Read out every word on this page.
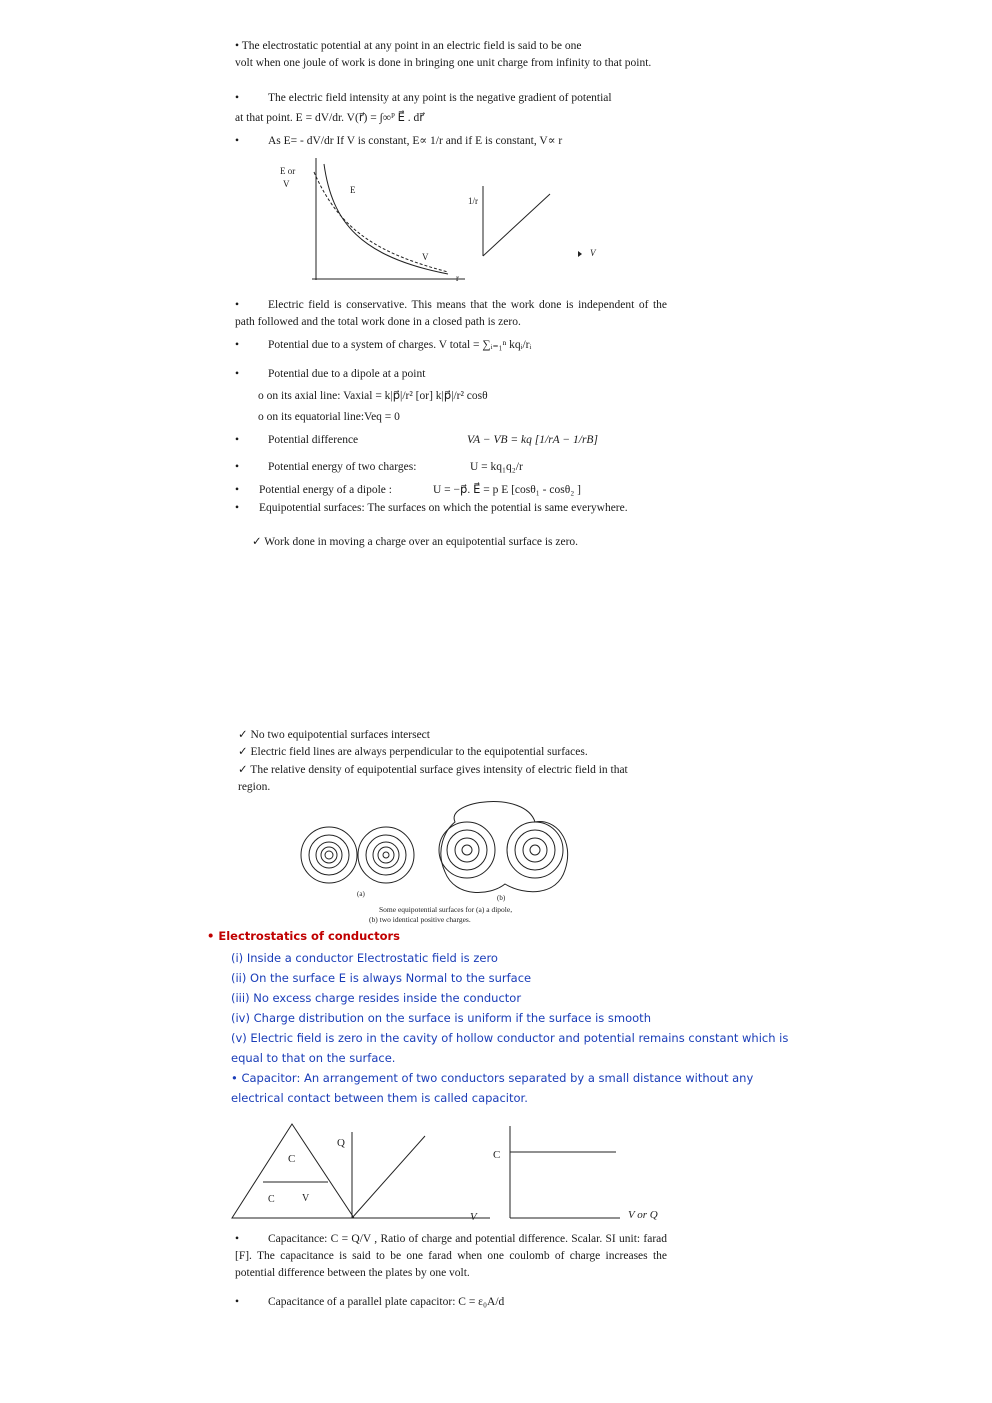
• The electrostatic potential at any point in an electric field is said to be one
volt when one joule of work is done in bringing one unit charge from infinity to that point.
•	The electric field intensity at any point is the negative gradient of potential
at that point. E = dV/dr. V(r⃗) = ∫∞ᴾ E⃗ . dr⃗
•	As E= - dV/dr If V is constant, E∝ 1/r and if E is constant, V∝ r
E or
V
E
V
r
1/r
V
•	Electric field is conservative. This means that the work done is independent of the path followed and the total work done in a closed path is zero.
•	Potential due to a system of charges. V total = ∑ᵢ₌₁ⁿ kqᵢ/rᵢ
•	Potential due to a dipole at a point
o on its axial line: Vaxial = k|p⃗|/r² [or] k|p⃗|/r² cosθ
o on its equatorial line:Veq = 0
•	Potential difference	VA − VB = kq [1/rA − 1/rB]
•	Potential energy of two charges:	U = kq₁q₂/r
• Potential energy of a dipole :	U = −p⃗. E⃗ = p E [cosθ₁ - cosθ₂ ]
• Equipotential surfaces: The surfaces on which the potential is same everywhere.
✓ Work done in moving a charge over an equipotential surface is zero.
✓ No two equipotential surfaces intersect
✓ Electric field lines are always perpendicular to the equipotential surfaces.
✓ The relative density of equipotential surface gives intensity of electric field in that region.
(a)	(b)
Some equipotential surfaces for (a) a dipole,
(b) two identical positive charges.
• Electrostatics of conductors
(i) Inside a conductor Electrostatic field is zero
(ii) On the surface E is always Normal to the surface
(iii) No excess charge resides inside the conductor
(iv) Charge distribution on the surface is uniform if the surface is smooth
(v) Electric field is zero in the cavity of hollow conductor and potential remains constant which is equal to that on the surface.
• Capacitor: An arrangement of two conductors separated by a small distance without any electrical contact between them is called capacitor.
C
C	V
Q
V
C
V or Q
•	Capacitance: C = Q/V , Ratio of charge and potential difference. Scalar. SI unit: farad [F]. The capacitance is said to be one farad when one coulomb of charge increases the potential difference between the plates by one volt.
•	Capacitance of a parallel plate capacitor: C = ε₀A/d
